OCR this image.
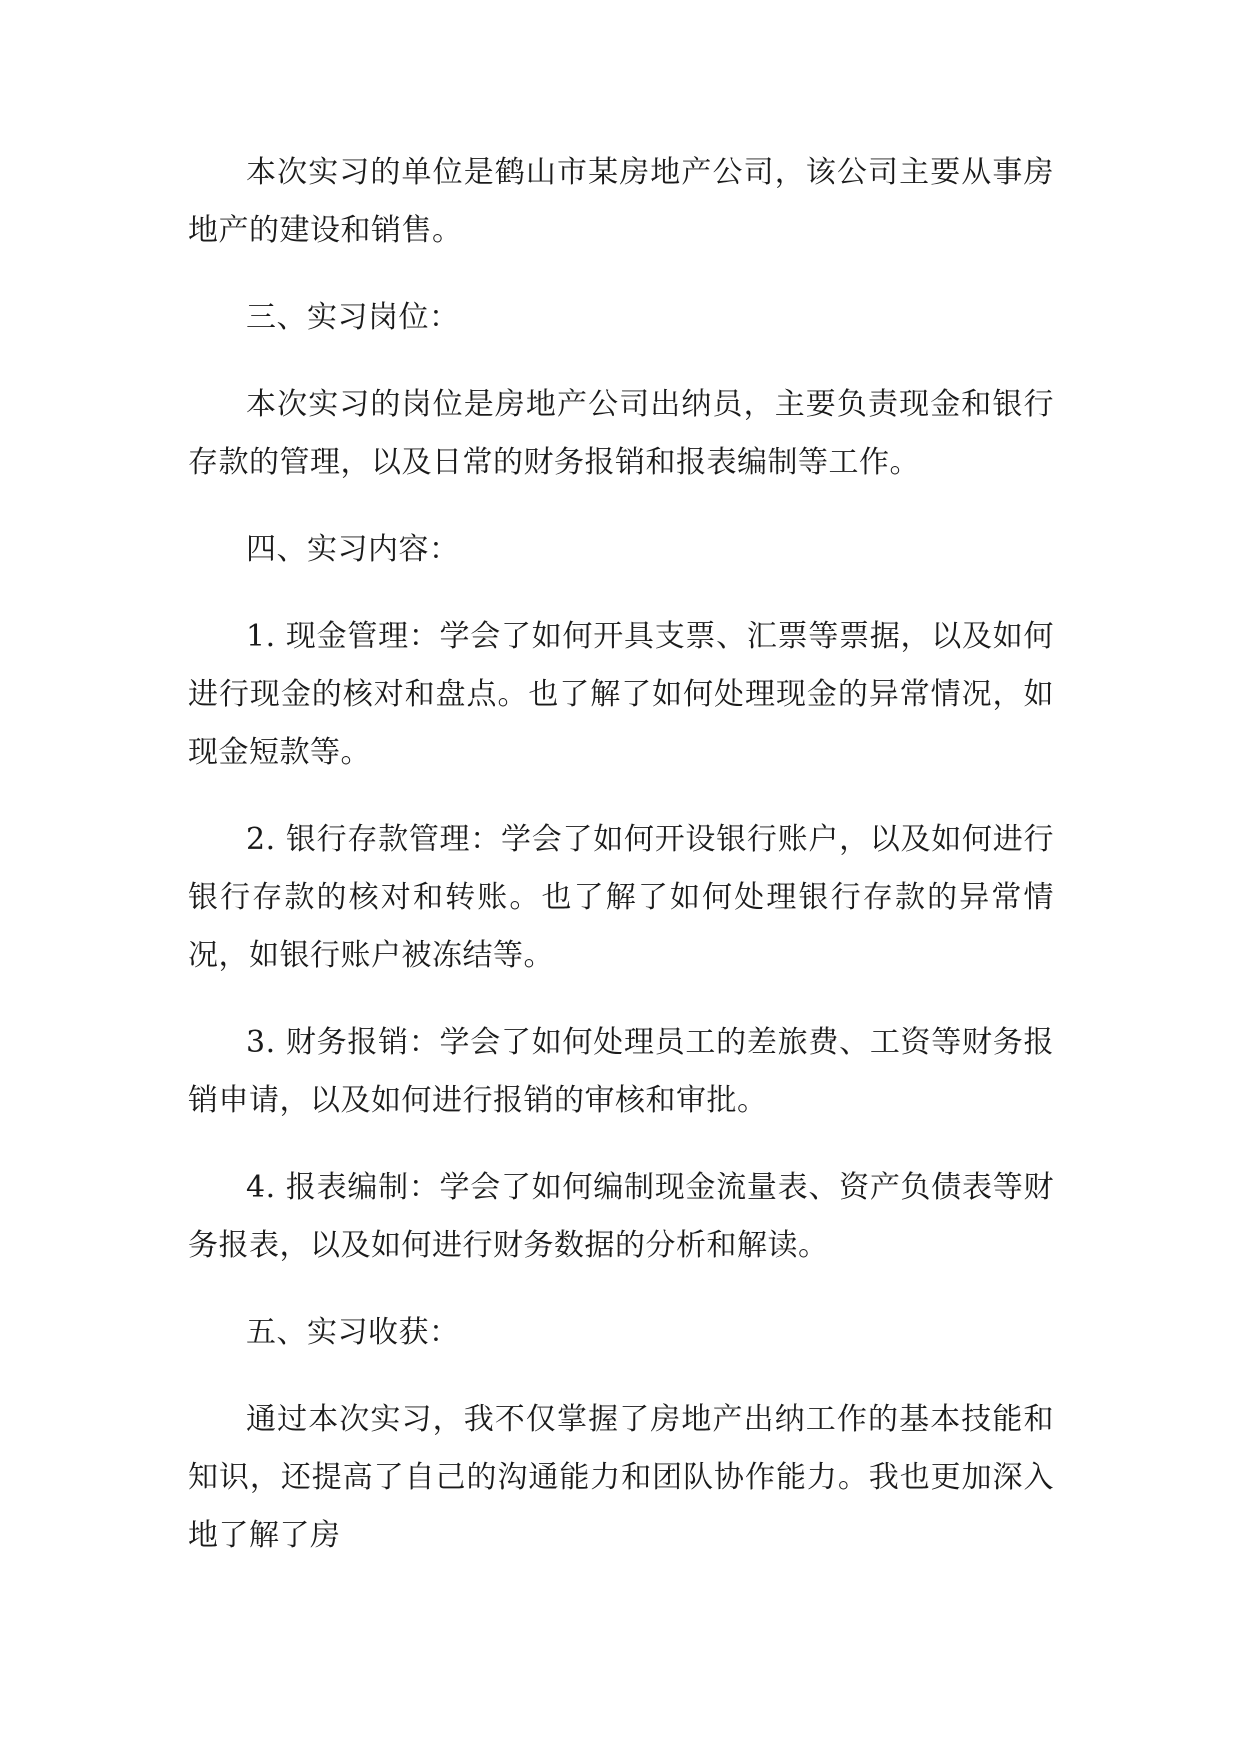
本次实习的单位是鹤山市某房地产公司，该公司主要从事房地产的建设和销售。

三、实习岗位：

本次实习的岗位是房地产公司出纳员，主要负责现金和银行存款的管理，以及日常的财务报销和报表编制等工作。

四、实习内容：

1. 现金管理：学会了如何开具支票、汇票等票据，以及如何进行现金的核对和盘点。也了解了如何处理现金的异常情况，如现金短款等。

2. 银行存款管理：学会了如何开设银行账户，以及如何进行银行存款的核对和转账。也了解了如何处理银行存款的异常情况，如银行账户被冻结等。

3. 财务报销：学会了如何处理员工的差旅费、工资等财务报销申请，以及如何进行报销的审核和审批。

4. 报表编制：学会了如何编制现金流量表、资产负债表等财务报表，以及如何进行财务数据的分析和解读。

五、实习收获：

通过本次实习，我不仅掌握了房地产出纳工作的基本技能和知识，还提高了自己的沟通能力和团队协作能力。我也更加深入地了解了房
